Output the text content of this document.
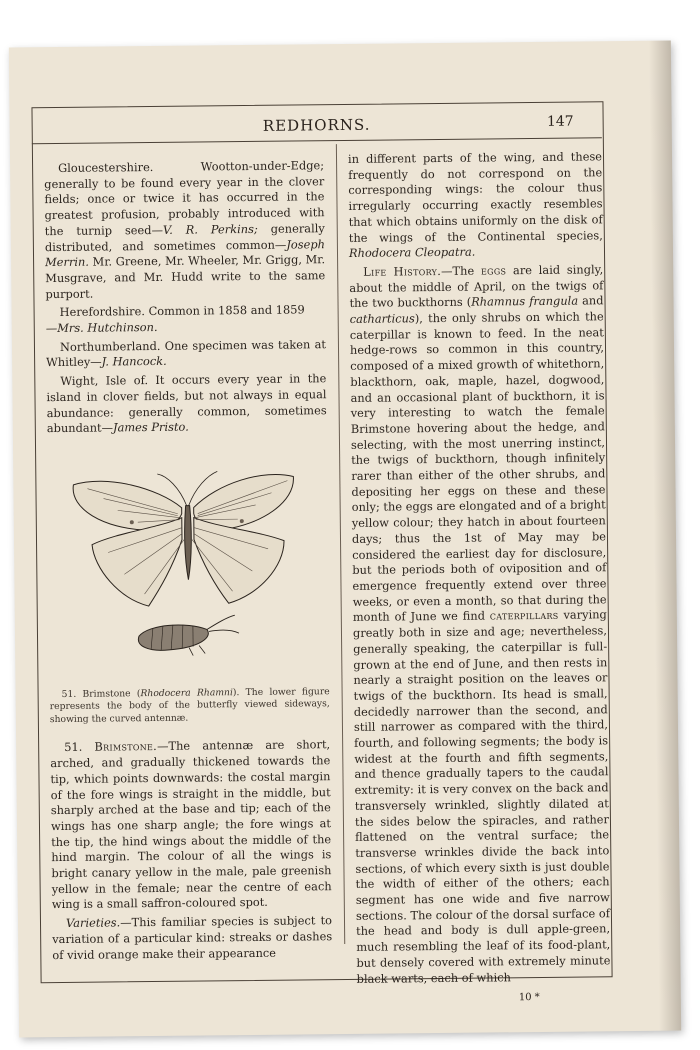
REDHORNS.	147

Gloucestershire. Wootton-under-Edge; generally to be found every year in the clover fields; once or twice it has occurred in the greatest profusion, probably introduced with the turnip seed—V. R. Perkins; generally distributed, and sometimes common—Joseph Merrin. Mr. Greene, Mr. Wheeler, Mr. Grigg, Mr. Musgrave, and Mr. Hudd write to the same purport.

Herefordshire. Common in 1858 and 1859
—Mrs. Hutchinson.

Northumberland. One specimen was taken at Whitley—J. Hancock.

Wight, Isle of. It occurs every year in the island in clover fields, but not always in equal abundance: generally common, sometimes abundant—James Pristo.

51. Brimstone (Rhodocera Rhamni). The lower figure represents the body of the butterfly viewed sideways, showing the curved antennæ.

51. Brimstone.—The antennæ are short, arched, and gradually thickened towards the tip, which points downwards: the costal margin of the fore wings is straight in the middle, but sharply arched at the base and tip; each of the wings has one sharp angle; the fore wings at the tip, the hind wings about the middle of the hind margin. The colour of all the wings is bright canary yellow in the male, pale greenish yellow in the female; near the centre of each wing is a small saffron-coloured spot.

Varieties.—This familiar species is subject to variation of a particular kind: streaks or dashes of vivid orange make their appearance

in different parts of the wing, and these frequently do not correspond on the corresponding wings: the colour thus irregularly occurring exactly resembles that which obtains uniformly on the disk of the wings of the Continental species, Rhodocera Cleopatra.

Life History.—The eggs are laid singly, about the middle of April, on the twigs of the two buckthorns (Rhamnus frangula and catharticus), the only shrubs on which the caterpillar is known to feed. In the neat hedge-rows so common in this country, composed of a mixed growth of whitethorn, blackthorn, oak, maple, hazel, dogwood, and an occasional plant of buckthorn, it is very interesting to watch the female Brimstone hovering about the hedge, and selecting, with the most unerring instinct, the twigs of buckthorn, though infinitely rarer than either of the other shrubs, and depositing her eggs on these and these only; the eggs are elongated and of a bright yellow colour; they hatch in about fourteen days; thus the 1st of May may be considered the earliest day for disclosure, but the periods both of oviposition and of emergence frequently extend over three weeks, or even a month, so that during the month of June we find caterpillars varying greatly both in size and age; nevertheless, generally speaking, the caterpillar is full-grown at the end of June, and then rests in nearly a straight position on the leaves or twigs of the buckthorn. Its head is small, decidedly narrower than the second, and still narrower as compared with the third, fourth, and following segments; the body is widest at the fourth and fifth segments, and thence gradually tapers to the caudal extremity: it is very convex on the back and transversely wrinkled, slightly dilated at the sides below the spiracles, and rather flattened on the ventral surface; the transverse wrinkles divide the back into sections, of which every sixth is just double the width of either of the others; each segment has one wide and five narrow sections. The colour of the dorsal surface of the head and body is dull apple-green, much resembling the leaf of its food-plant, but densely covered with extremely minute black warts, each of which

10 *
